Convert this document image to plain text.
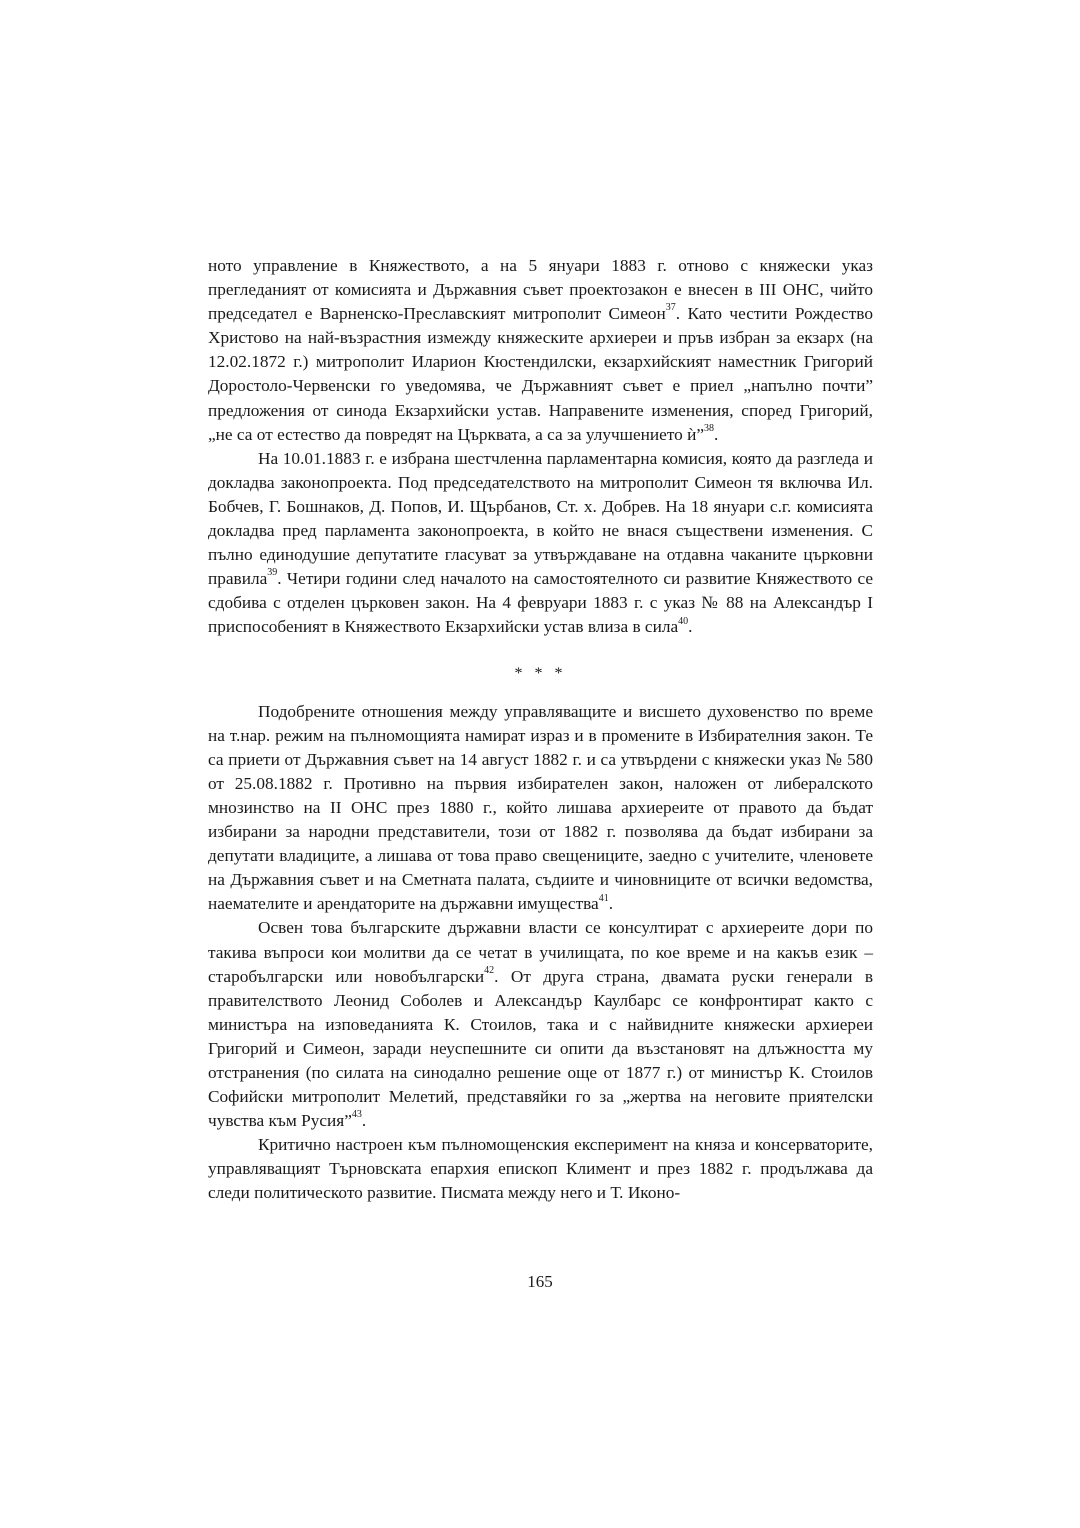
ното управление в Княжеството, а на 5 януари 1883 г. отново с княжески указ прегледаният от комисията и Държавния съвет проектозакон е внесен в III ОНС, чийто председател е Варненско-Преславският митрополит Симеон$^{37}$. Като честити Рождество Христово на най-възрастния измежду княжеските архиереи и пръв избран за екзарх (на 12.02.1872 г.) митрополит Иларион Кюстендилски, екзархийският наместник Григорий Доростоло-Червенски го уведомява, че Държавният съвет е приел „напълно почти” предложения от синода Екзархийски устав. Направените изменения, според Григорий, „не са от естество да повредят на Църквата, а са за улучшението ѝ”$^{38}$.

На 10.01.1883 г. е избрана шестчленна парламентарна комисия, която да разгледа и докладва законопроекта. Под председателството на митрополит Симеон тя включва Ил. Бобчев, Г. Бошнаков, Д. Попов, И. Щърбанов, Ст. х. Добрев. На 18 януари с.г. комисията докладва пред парламента законопроекта, в който не внася съществени изменения. С пълно единодушие депутатите гласуват за утвърждаване на отдавна чаканите църковни правила$^{39}$. Четири години след началото на самостоятелното си развитие Княжеството се сдобива с отделен църковен закон. На 4 февруари 1883 г. с указ № 88 на Александър I приспособеният в Княжеството Екзархийски устав влиза в сила$^{40}$.

* * *

Подобрените отношения между управляващите и висшето духовенство по време на т.нар. режим на пълномощията намират израз и в промените в Избирателния закон. Те са приети от Държавния съвет на 14 август 1882 г. и са утвърдени с княжески указ № 580 от 25.08.1882 г. Противно на първия избирателен закон, наложен от либералското мнозинство на II ОНС през 1880 г., който лишава архиереите от правото да бъдат избирани за народни представители, този от 1882 г. позволява да бъдат избирани за депутати владиците, а лишава от това право свещениците, заедно с учителите, членовете на Държавния съвет и на Сметната палата, съдиите и чиновниците от всички ведомства, наемателите и арендаторите на държавни имущества$^{41}$.

Освен това българските държавни власти се консултират с архиереите дори по такива въпроси кои молитви да се четат в училищата, по кое време и на какъв език – старобългарски или новобългарски$^{42}$. От друга страна, двамата руски генерали в правителството Леонид Соболев и Александър Каулбарс се конфронтират както с министъра на изповеданията К. Стоилов, така и с найвидните княжески архиереи Григорий и Симеон, заради неуспешните си опити да възстановят на длъжността му отстранения (по силата на синодално решение още от 1877 г.) от министър К. Стоилов Софийски митрополит Мелетий, представяйки го за „жертва на неговите приятелски чувства към Русия”$^{43}$.

Критично настроен към пълномощенския експеримент на княза и консерваторите, управляващият Търновската епархия епископ Климент и през 1882 г. продължава да следи политическото развитие. Писмата между него и Т. Иконо-

165
